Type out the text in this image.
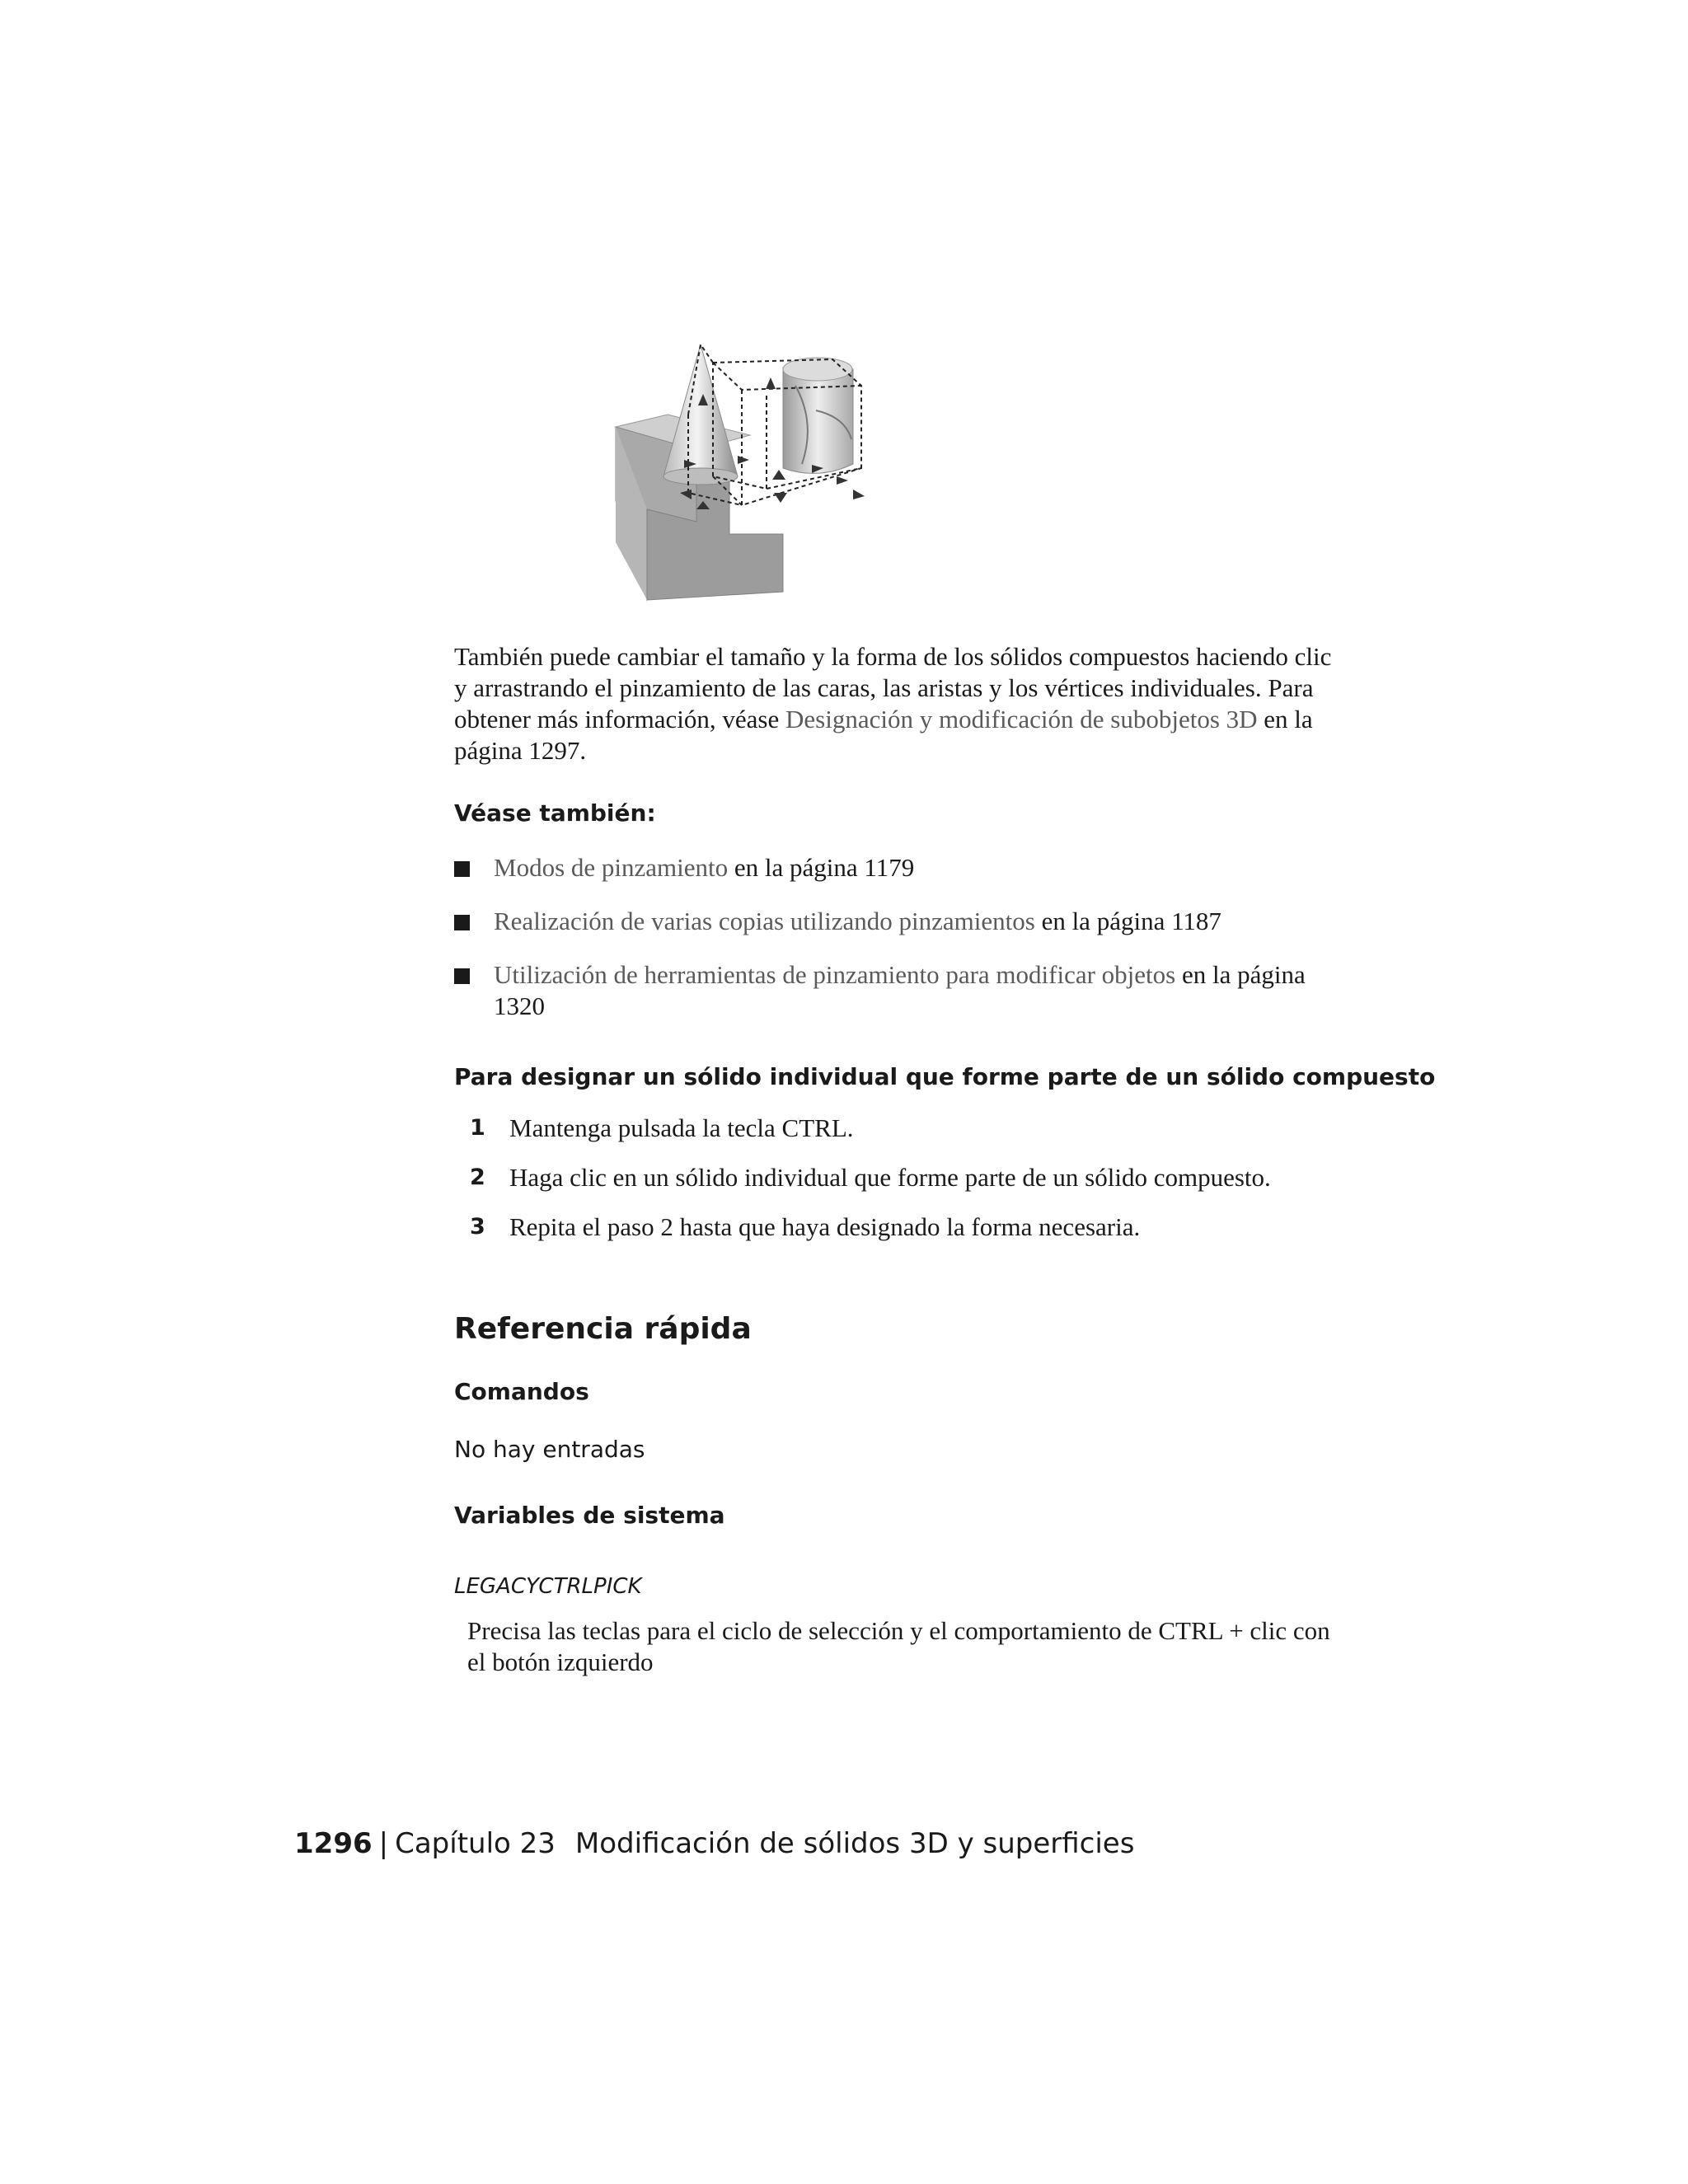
También puede cambiar el tamaño y la forma de los sólidos compuestos haciendo clic y arrastrando el pinzamiento de las caras, las aristas y los vértices individuales. Para obtener más información, véase Designación y modificación de subobjetos 3D en la página 1297.

Véase también:
Modos de pinzamiento en la página 1179
Realización de varias copias utilizando pinzamientos en la página 1187
Utilización de herramientas de pinzamiento para modificar objetos en la página 1320
Para designar un sólido individual que forme parte de un sólido compuesto
1 Mantenga pulsada la tecla CTRL.
2 Haga clic en un sólido individual que forme parte de un sólido compuesto.
3 Repita el paso 2 hasta que haya designado la forma necesaria.
Referencia rápida
Comandos

No hay entradas

Variables de sistema

LEGACYCTRLPICK

Precisa las teclas para el ciclo de selección y el comportamiento de CTRL + clic con el botón izquierdo

1296 | Capítulo 23 Modificación de sólidos 3D y superficies
